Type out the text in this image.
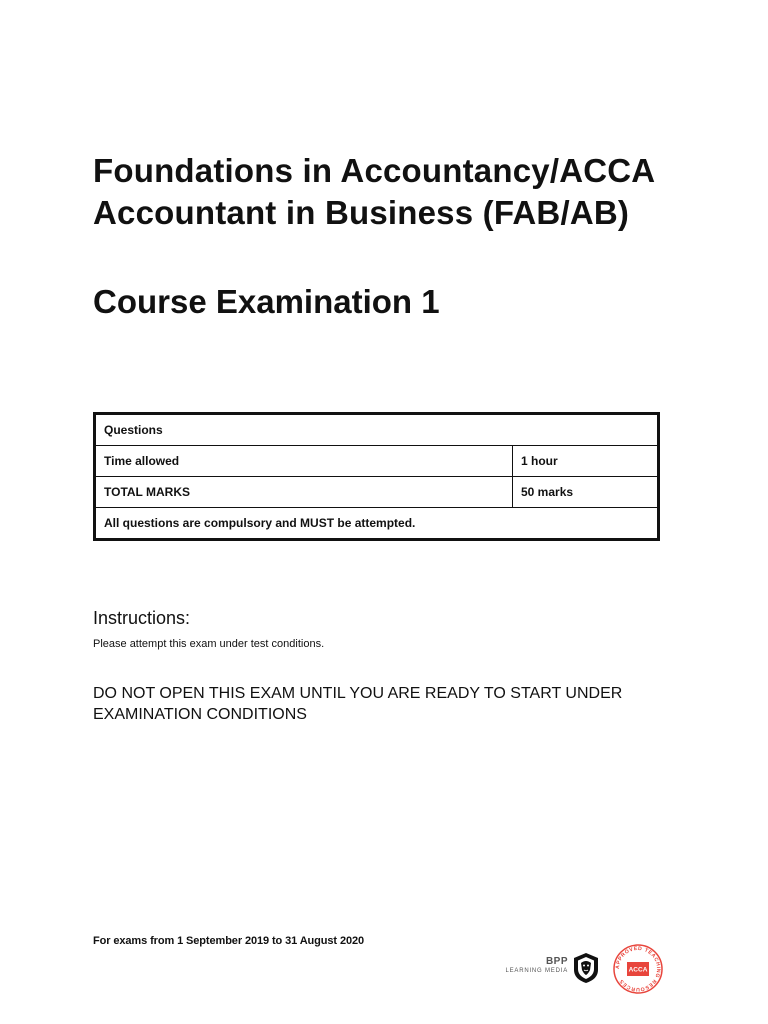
Foundations in Accountancy/ACCA

Accountant in Business (FAB/AB)

Course Examination 1

Questions	
Time allowed	1 hour
TOTAL MARKS	50 marks
All questions are compulsory and MUST be attempted.	

Instructions:

Please attempt this exam under test conditions.

DO NOT OPEN THIS EXAM UNTIL YOU ARE READY TO START UNDER EXAMINATION CONDITIONS

For exams from 1 September 2019 to 31 August 2020

BPP
LEARNING MEDIA
APPROVED TEACHING RESOURCES
ACCA
